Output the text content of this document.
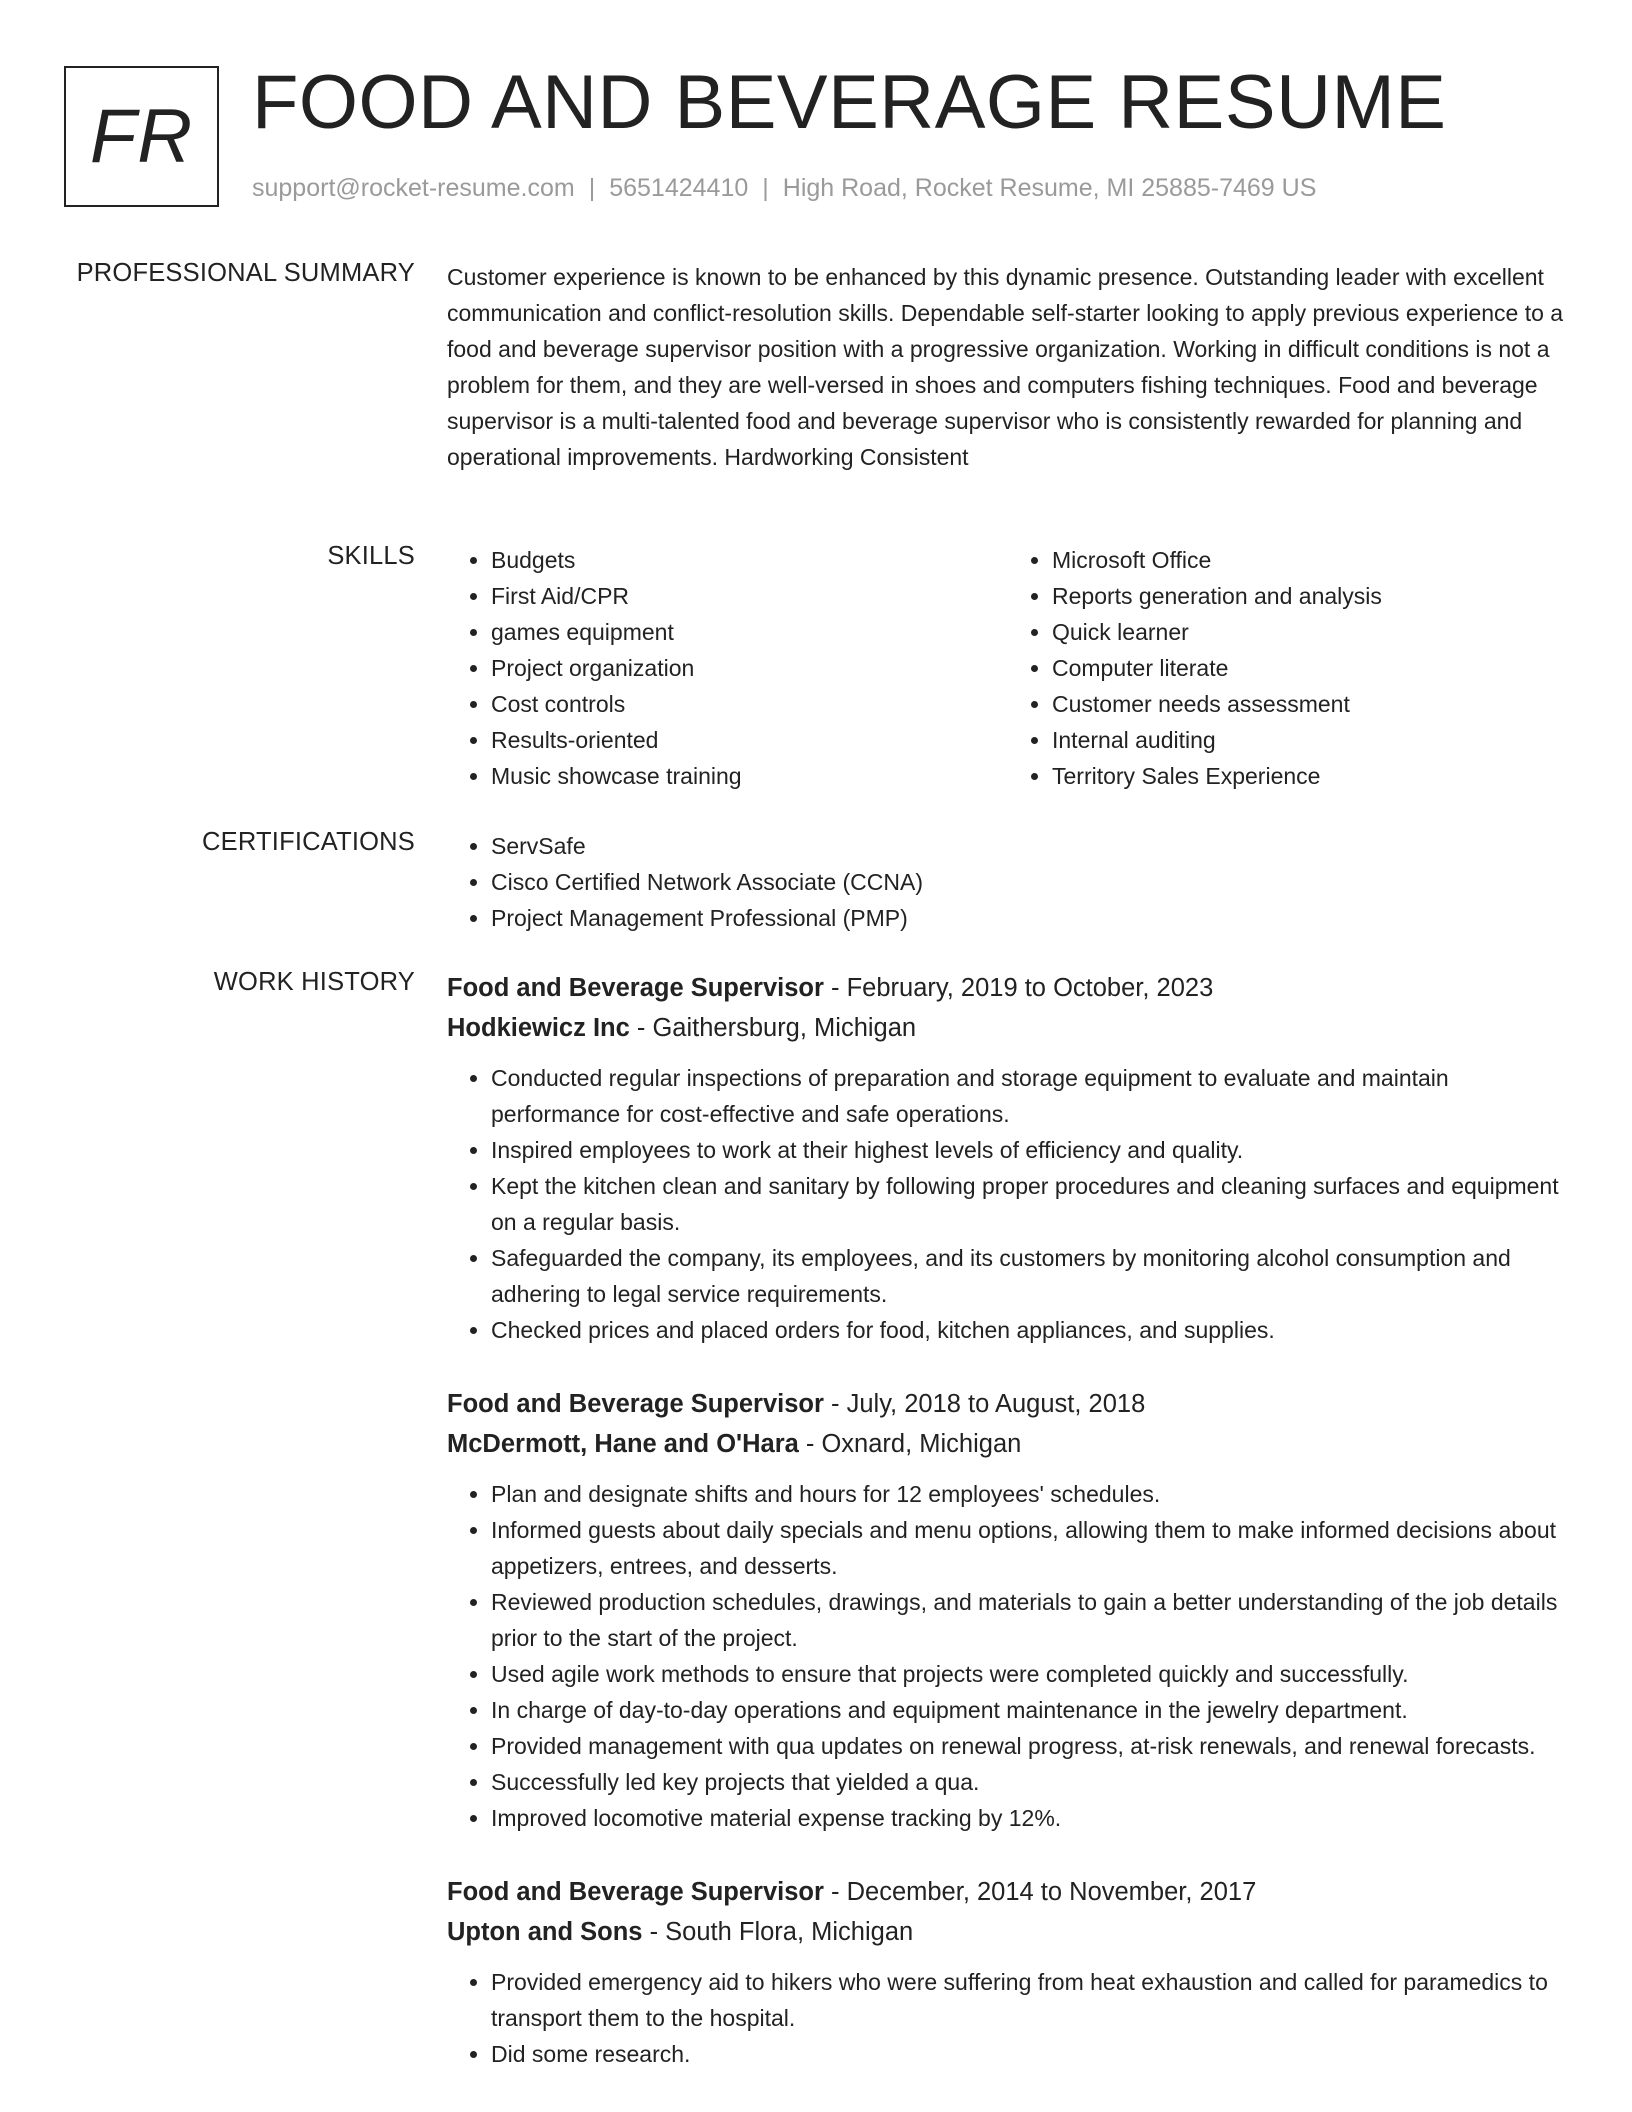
FR FOOD AND BEVERAGE RESUME
support@rocket-resume.com | 5651424410 | High Road, Rocket Resume, MI 25885-7469 US
PROFESSIONAL SUMMARY Customer experience is known to be enhanced by this dynamic presence. Outstanding leader with excellent communication and conflict-resolution skills. Dependable self-starter looking to apply previous experience to a food and beverage supervisor position with a progressive organization. Working in difficult conditions is not a problem for them, and they are well-versed in shoes and computers fishing techniques. Food and beverage supervisor is a multi-talented food and beverage supervisor who is consistently rewarded for planning and operational improvements. Hardworking Consistent

SKILLS	• Budgets
• First Aid/CPR
• games equipment
• Project organization
• Cost controls
• Results-oriented
• Music showcase training
• Microsoft Office
• Reports generation and analysis
• Quick learner
• Computer literate
• Customer needs assessment
• Internal auditing
• Territory Sales Experience
CERTIFICATIONS	• ServSafe
• Cisco Certified Network Associate (CCNA)
• Project Management Professional (PMP)
WORK HISTORY Food and Beverage Supervisor - February, 2019 to October, 2023
Hodkiewicz Inc - Gaithersburg, Michigan
• Conducted regular inspections of preparation and storage equipment to evaluate and maintain performance for cost-effective and safe operations.
• Inspired employees to work at their highest levels of efficiency and quality.
• Kept the kitchen clean and sanitary by following proper procedures and cleaning surfaces and equipment on a regular basis.
• Safeguarded the company, its employees, and its customers by monitoring alcohol consumption and adhering to legal service requirements.
• Checked prices and placed orders for food, kitchen appliances, and supplies.
Food and Beverage Supervisor - July, 2018 to August, 2018
McDermott, Hane and O'Hara - Oxnard, Michigan
• Plan and designate shifts and hours for 12 employees' schedules.
• Informed guests about daily specials and menu options, allowing them to make informed decisions about appetizers, entrees, and desserts.
• Reviewed production schedules, drawings, and materials to gain a better understanding of the job details prior to the start of the project.
• Used agile work methods to ensure that projects were completed quickly and successfully.
• In charge of day-to-day operations and equipment maintenance in the jewelry department.
• Provided management with qua updates on renewal progress, at-risk renewals, and renewal forecasts.
• Successfully led key projects that yielded a qua.
• Improved locomotive material expense tracking by 12%.
Food and Beverage Supervisor - December, 2014 to November, 2017
Upton and Sons - South Flora, Michigan
• Provided emergency aid to hikers who were suffering from heat exhaustion and called for paramedics to transport them to the hospital.
• Did some research.
